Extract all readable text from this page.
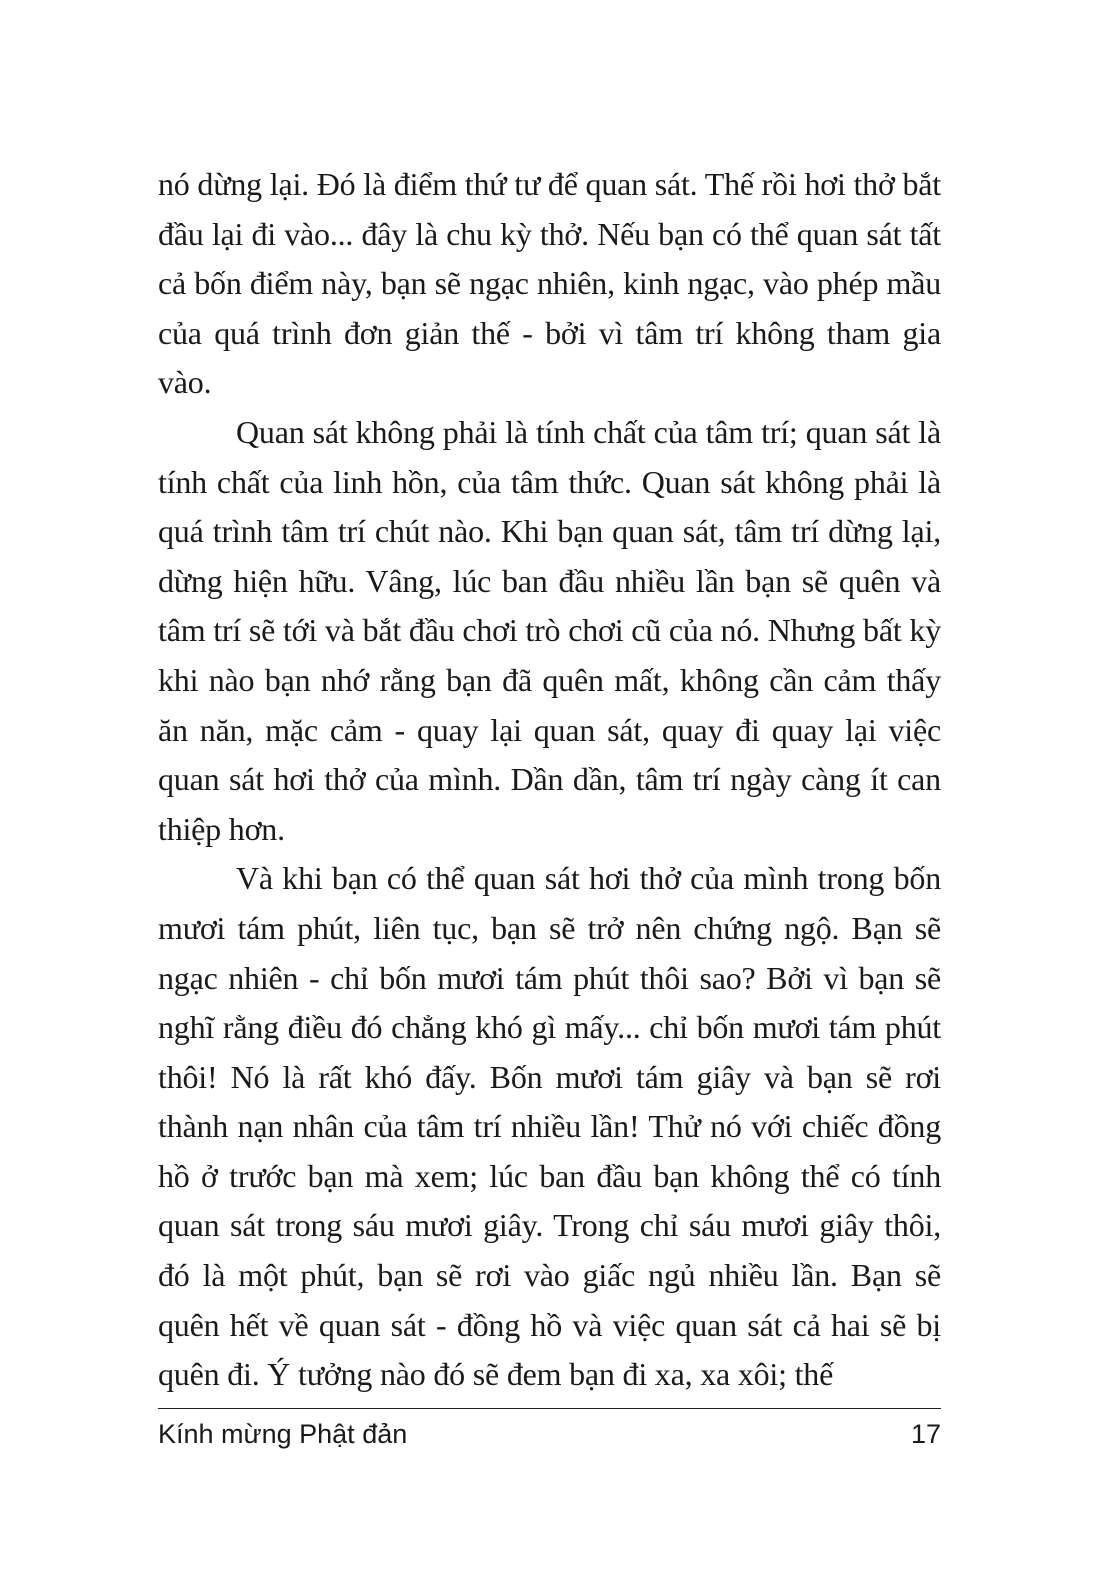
nó dừng lại. Đó là điểm thứ tư để quan sát. Thế rồi hơi thở bắt đầu lại đi vào... đây là chu kỳ thở. Nếu bạn có thể quan sát tất cả bốn điểm này, bạn sẽ ngạc nhiên, kinh ngạc, vào phép mầu của quá trình đơn giản thế - bởi vì tâm trí không tham gia vào.

Quan sát không phải là tính chất của tâm trí; quan sát là tính chất của linh hồn, của tâm thức. Quan sát không phải là quá trình tâm trí chút nào. Khi bạn quan sát, tâm trí dừng lại, dừng hiện hữu. Vâng, lúc ban đầu nhiều lần bạn sẽ quên và tâm trí sẽ tới và bắt đầu chơi trò chơi cũ của nó. Nhưng bất kỳ khi nào bạn nhớ rằng bạn đã quên mất, không cần cảm thấy ăn năn, mặc cảm - quay lại quan sát, quay đi quay lại việc quan sát hơi thở của mình. Dần dần, tâm trí ngày càng ít can thiệp hơn.

Và khi bạn có thể quan sát hơi thở của mình trong bốn mươi tám phút, liên tục, bạn sẽ trở nên chứng ngộ. Bạn sẽ ngạc nhiên - chỉ bốn mươi tám phút thôi sao? Bởi vì bạn sẽ nghĩ rằng điều đó chẳng khó gì mấy... chỉ bốn mươi tám phút thôi! Nó là rất khó đấy. Bốn mươi tám giây và bạn sẽ rơi thành nạn nhân của tâm trí nhiều lần! Thử nó với chiếc đồng hồ ở trước bạn mà xem; lúc ban đầu bạn không thể có tính quan sát trong sáu mươi giây. Trong chỉ sáu mươi giây thôi, đó là một phút, bạn sẽ rơi vào giấc ngủ nhiều lần. Bạn sẽ quên hết về quan sát - đồng hồ và việc quan sát cả hai sẽ bị quên đi. Ý tưởng nào đó sẽ đem bạn đi xa, xa xôi; thế

Kính mừng Phật đản	17
